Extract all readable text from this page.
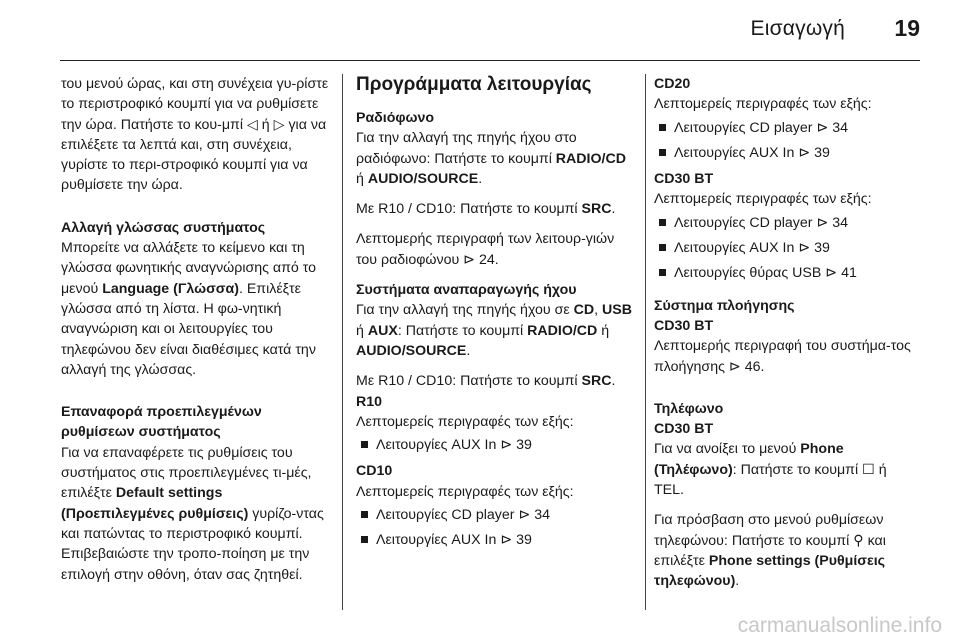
Εισαγωγή 19

του μενού ώρας, και στη συνέχεια γυ-ρίστε το περιστροφικό κουμπί για να ρυθμίσετε την ώρα. Πατήστε το κου-μπί ◁ ή ▷ για να επιλέξετε τα λεπτά και, στη συνέχεια, γυρίστε το περι-στροφικό κουμπί για να ρυθμίσετε την ώρα.

Αλλαγή γλώσσας συστήματος

Μπορείτε να αλλάξετε το κείμενο και τη γλώσσα φωνητικής αναγνώρισης από το μενού Language (Γλώσσα). Επιλέξτε γλώσσα από τη λίστα. Η φω-νητική αναγνώριση και οι λειτουργίες του τηλεφώνου δεν είναι διαθέσιμες κατά την αλλαγή της γλώσσας.

Επαναφορά προεπιλεγμένων ρυθμίσεων συστήματος

Για να επαναφέρετε τις ρυθμίσεις του συστήματος στις προεπιλεγμένες τι-μές, επιλέξτε Default settings (Προεπιλεγμένες ρυθμίσεις) γυρίζο-ντας και πατώντας το περιστροφικό κουμπί. Επιβεβαιώστε την τροπο-ποίηση με την επιλογή στην οθόνη, όταν σας ζητηθεί.

Προγράμματα λειτουργίας
Ραδιόφωνο

Για την αλλαγή της πηγής ήχου στο ραδιόφωνο: Πατήστε το κουμπί RADIO/CD ή AUDIO/SOURCE.

Με R10 / CD10: Πατήστε το κουμπί SRC.

Λεπτομερής περιγραφή των λειτουρ-γιών του ραδιοφώνου ⊳ 24.

Συστήματα αναπαραγωγής ήχου

Για την αλλαγή της πηγής ήχου σε CD, USB ή AUX: Πατήστε το κουμπί RADIO/CD ή AUDIO/SOURCE.

Με R10 / CD10: Πατήστε το κουμπί SRC.

R10

Λεπτομερείς περιγραφές των εξής:

Λειτουργίες AUX In ⊳ 39
CD10

Λεπτομερείς περιγραφές των εξής:

Λειτουργίες CD player ⊳ 34
Λειτουργίες AUX In ⊳ 39
CD20

Λεπτομερείς περιγραφές των εξής:

Λειτουργίες CD player ⊳ 34
Λειτουργίες AUX In ⊳ 39
CD30 BT

Λεπτομερείς περιγραφές των εξής:

Λειτουργίες CD player ⊳ 34
Λειτουργίες AUX In ⊳ 39
Λειτουργίες θύρας USB ⊳ 41
Σύστημα πλοήγησης
CD30 BT

Λεπτομερής περιγραφή του συστήμα-τος πλοήγησης ⊳ 46.

Τηλέφωνο
CD30 BT

Για να ανοίξει το μενού Phone (Τηλέφωνο): Πατήστε το κουμπί ☐ ή TEL.

Για πρόσβαση στο μενού ρυθμίσεων τηλεφώνου: Πατήστε το κουμπί ⚲ και επιλέξτε Phone settings (Ρυθμίσεις τηλεφώνου).

carmanualsonline.info
